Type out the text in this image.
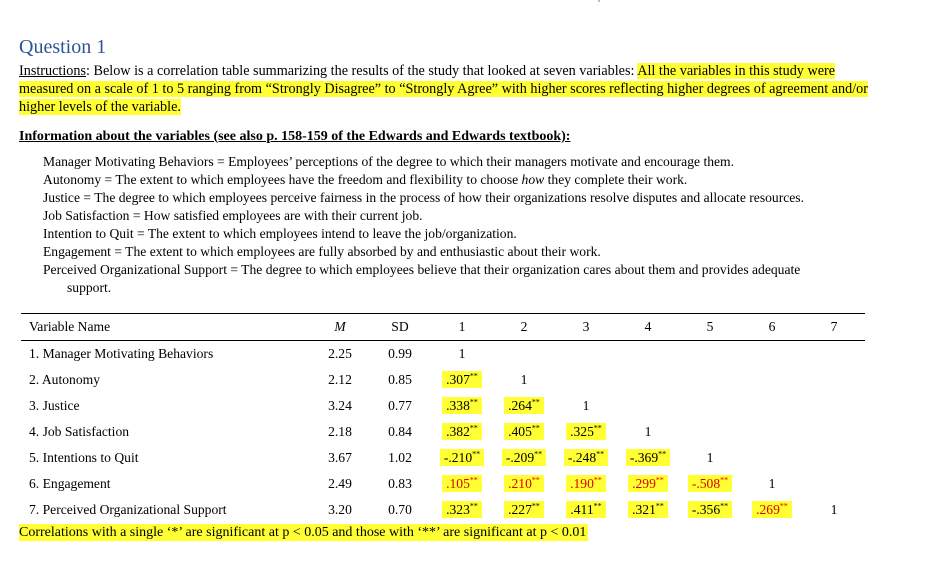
Question 1
Instructions: Below is a correlation table summarizing the results of the study that looked at seven variables: All the variables in this study were measured on a scale of 1 to 5 ranging from “Strongly Disagree” to “Strongly Agree” with higher scores reflecting higher degrees of agreement and/or higher levels of the variable.
Information about the variables (see also p. 158-159 of the Edwards and Edwards textbook):
Manager Motivating Behaviors = Employees’ perceptions of the degree to which their managers motivate and encourage them.
Autonomy = The extent to which employees have the freedom and flexibility to choose how they complete their work.
Justice = The degree to which employees perceive fairness in the process of how their organizations resolve disputes and allocate resources.
Job Satisfaction = How satisfied employees are with their current job.
Intention to Quit = The extent to which employees intend to leave the job/organization.
Engagement = The extent to which employees are fully absorbed by and enthusiastic about their work.
Perceived Organizational Support = The degree to which employees believe that their organization cares about them and provides adequate
support.
Variable Name	M	SD	1	2	3	4	5	6	7
1. Manager Motivating Behaviors	2.25	0.99	1						
2. Autonomy	2.12	0.85	.307**	1					
3. Justice	3.24	0.77	.338**	.264**	1				
4. Job Satisfaction	2.18	0.84	.382**	.405**	.325**	1			
5. Intentions to Quit	3.67	1.02	-.210**	-.209**	-.248**	-.369**	1		
6. Engagement	2.49	0.83	.105**	.210**	.190**	.299**	-.508**	1	
7. Perceived Organizational Support	3.20	0.70	.323**	.227**	.411**	.321**	-.356**	.269**	1
Correlations with a single ‘*’ are significant at p < 0.05 and those with ‘**’ are significant at p < 0.01
